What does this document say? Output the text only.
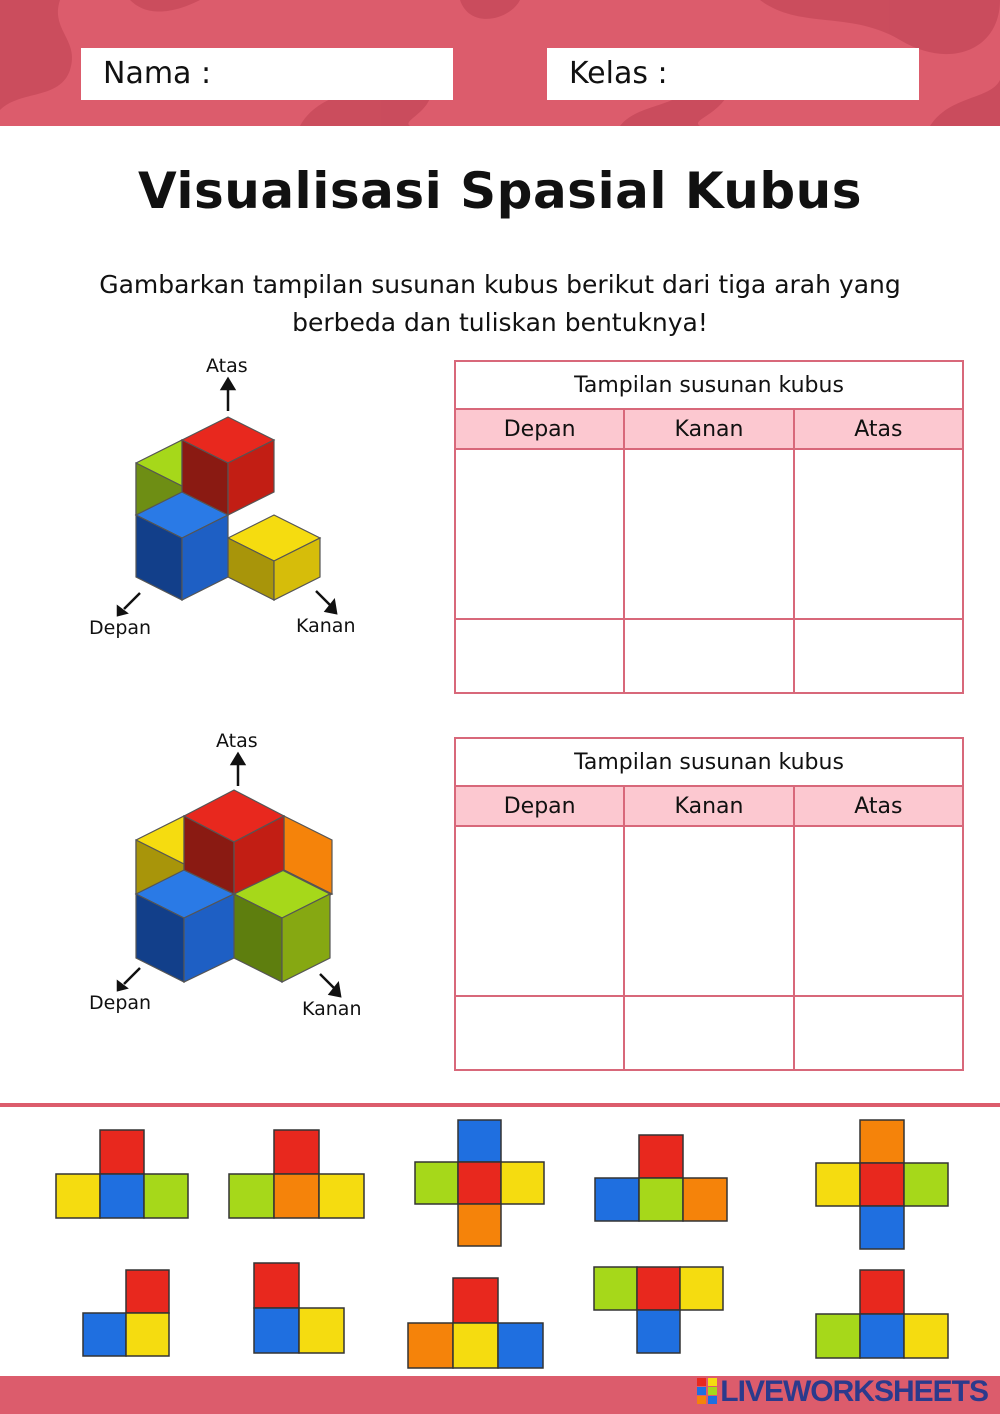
Nama :	Kelas :
Visualisasi Spasial Kubus
Gambarkan tampilan susunan kubus berikut dari tiga arah yang berbeda dan tuliskan bentuknya!
Atas
Depan	Kanan
Tampilan susunan kubus		
Depan	Kanan	Atas

Atas
Depan	Kanan
Tampilan susunan kubus		
Depan	Kanan	Atas

LIVEWORKSHEETS
